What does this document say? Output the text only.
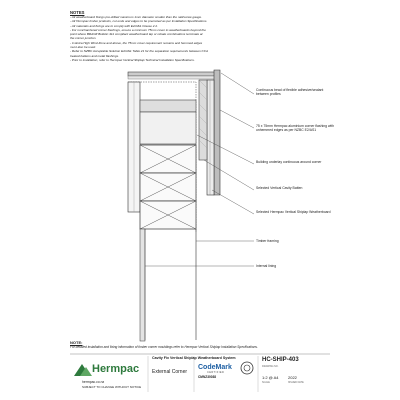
NOTES
- All weatherboard fixings pre-drilled maximum 1mm diameter smaller than the nail/screw gauge.
- All Hermpac timber products, cut ends and edges to be prerooted as per Installation Specifications.
- All materials and fixings are to comply with E2/AS1 Clause 2.2.
- For nonchamfered corner flashings, ensure a minimum 75mm cover to weatherboards beyond the
point where BRANZ Bulletin 411 compliant weatherboard lap or rebate combinations terminate at
the corner junction.
- In Extra High Wind Zone and above, the 75mm cover requirement remains and hemmed edges
must also be used.
- Refer to NZBC Acceptable Solution E2/AS1 Table 21 for the separation requirements between CCA
treated battens and metal flashings.
- Prior to installation, refer to Hermpac Vertical Shiplap Technical Installation Specifications.
Continuous bead of flexible adhesive/sealant between profiles
75 x 75mm Hermpac aluminium corner flashing with unhemmed edges as per NZBC E2/AS1
Building underlay continuous around corner
Selected Vertical Cavity Batten
Selected Hermpac Vertical Shiplap Weatherboard
Timber framing
Internal lining
NOTE:
For detailed installation and fixing information of timber corner mouldings refer to Hermpac Vertical Shiplap Installation Specifications.
Hermpac
hermpac.co.nz
SUBJECT TO CHANGE WITHOUT NOTICE
Cavity Fix Vertical Shiplap Weatherboard System
External Corner
CodeMark
CERTIFIED
CMNZ30038
HC-SHIP-403
DRAWING NO.
1:2 @ A4
SCALE
2022
ISSUED DATE
